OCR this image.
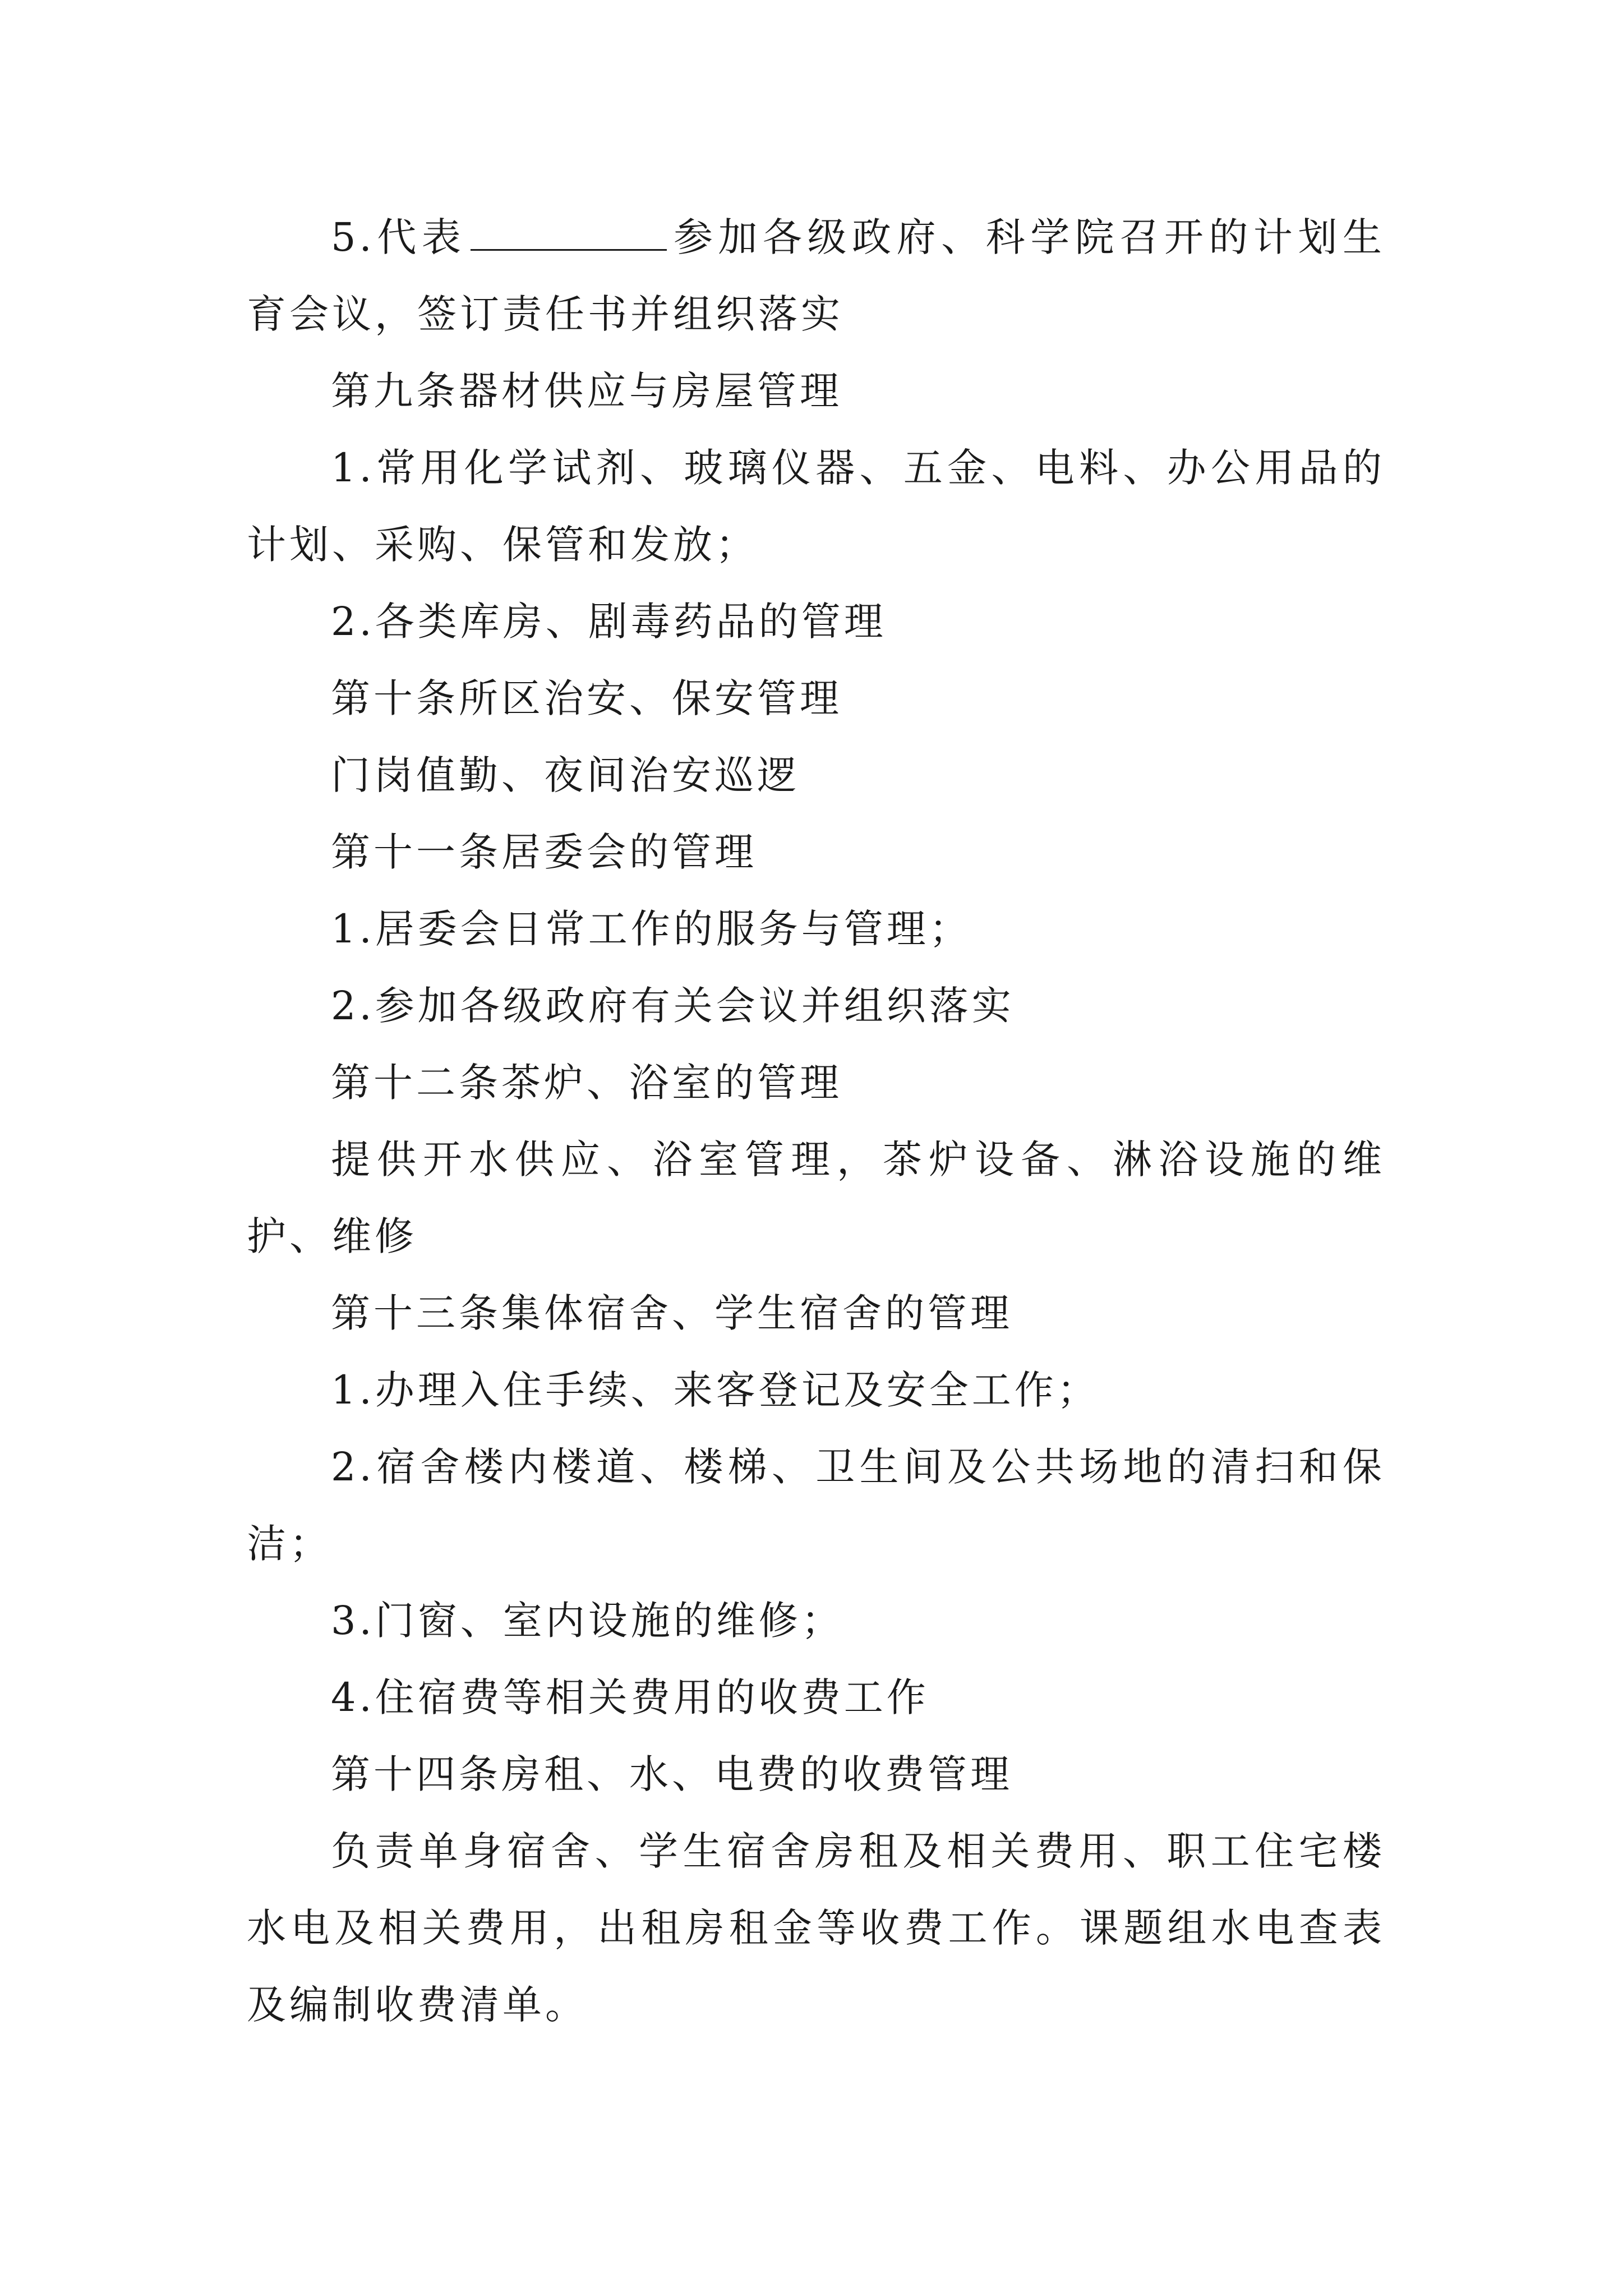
5.代表	参加各级政府、科学院召开的计划生育会议，签订责任书并组织落实

第九条器材供应与房屋管理

1.常用化学试剂、玻璃仪器、五金、电料、办公用品的计划、采购、保管和发放；

2.各类库房、剧毒药品的管理

第十条所区治安、保安管理

门岗值勤、夜间治安巡逻

第十一条居委会的管理

1.居委会日常工作的服务与管理；

2.参加各级政府有关会议并组织落实

第十二条茶炉、浴室的管理

提供开水供应、浴室管理，茶炉设备、淋浴设施的维护、维修

第十三条集体宿舍、学生宿舍的管理

1.办理入住手续、来客登记及安全工作；

2.宿舍楼内楼道、楼梯、卫生间及公共场地的清扫和保洁；

3.门窗、室内设施的维修；

4.住宿费等相关费用的收费工作

第十四条房租、水、电费的收费管理

负责单身宿舍、学生宿舍房租及相关费用、职工住宅楼水电及相关费用，出租房租金等收费工作。课题组水电查表及编制收费清单。
